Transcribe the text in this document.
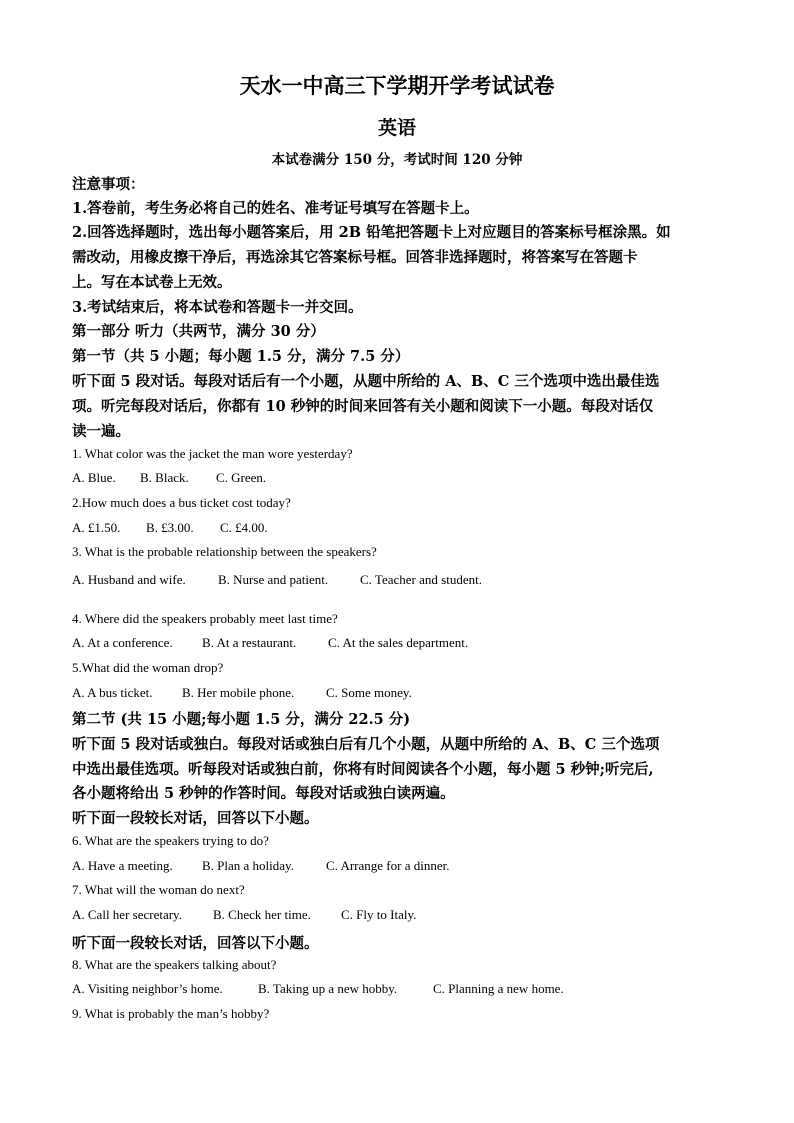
天水一中高三下学期开学考试试卷
英语
本试卷满分 150 分，考试时间 120 分钟
注意事项：
1.答卷前，考生务必将自己的姓名、准考证号填写在答题卡上。
2.回答选择题时，选出每小题答案后，用 2B 铅笔把答题卡上对应题目的答案标号框涂黑。如
需改动，用橡皮擦干净后，再选涂其它答案标号框。回答非选择题时，将答案写在答题卡
上。写在本试卷上无效。
3.考试结束后，将本试卷和答题卡一并交回。
第一部分 听力（共两节，满分 30 分）
第一节（共 5 小题；每小题 1.5 分，满分 7.5 分）
听下面 5 段对话。每段对话后有一个小题，从题中所给的 A、B、C 三个选项中选出最佳选
项。听完每段对话后，你都有 10 秒钟的时间来回答有关小题和阅读下一小题。每段对话仅
读一遍。
1. What color was the jacket the man wore yesterday?
A. Blue. B. Black. C. Green.
2.How much does a bus ticket cost today?
A. £1.50. B. £3.00. C. £4.00.
3. What is the probable relationship between the speakers?
A. Husband and wife. B. Nurse and patient. C. Teacher and student.
4. Where did the speakers probably meet last time?
A. At a conference. B. At a restaurant. C. At the sales department.
5.What did the woman drop?
A. A bus ticket. B. Her mobile phone. C. Some money.
第二节 (共 15 小题;每小题 1.5 分，满分 22.5 分)
听下面 5 段对话或独白。每段对话或独白后有几个小题，从题中所给的 A、B、C 三个选项
中选出最佳选项。听每段对话或独白前，你将有时间阅读各个小题，每小题 5 秒钟;听完后,
各小题将给出 5 秒钟的作答时间。每段对话或独白读两遍。
听下面一段较长对话，回答以下小题。
6. What are the speakers trying to do?
A. Have a meeting. B. Plan a holiday. C. Arrange for a dinner.
7. What will the woman do next?
A. Call her secretary. B. Check her time. C. Fly to Italy.
听下面一段较长对话，回答以下小题。
8. What are the speakers talking about?
A. Visiting neighbor’s home.	B. Taking up a new hobby.	C. Planning a new home.
9. What is probably the man’s hobby?
